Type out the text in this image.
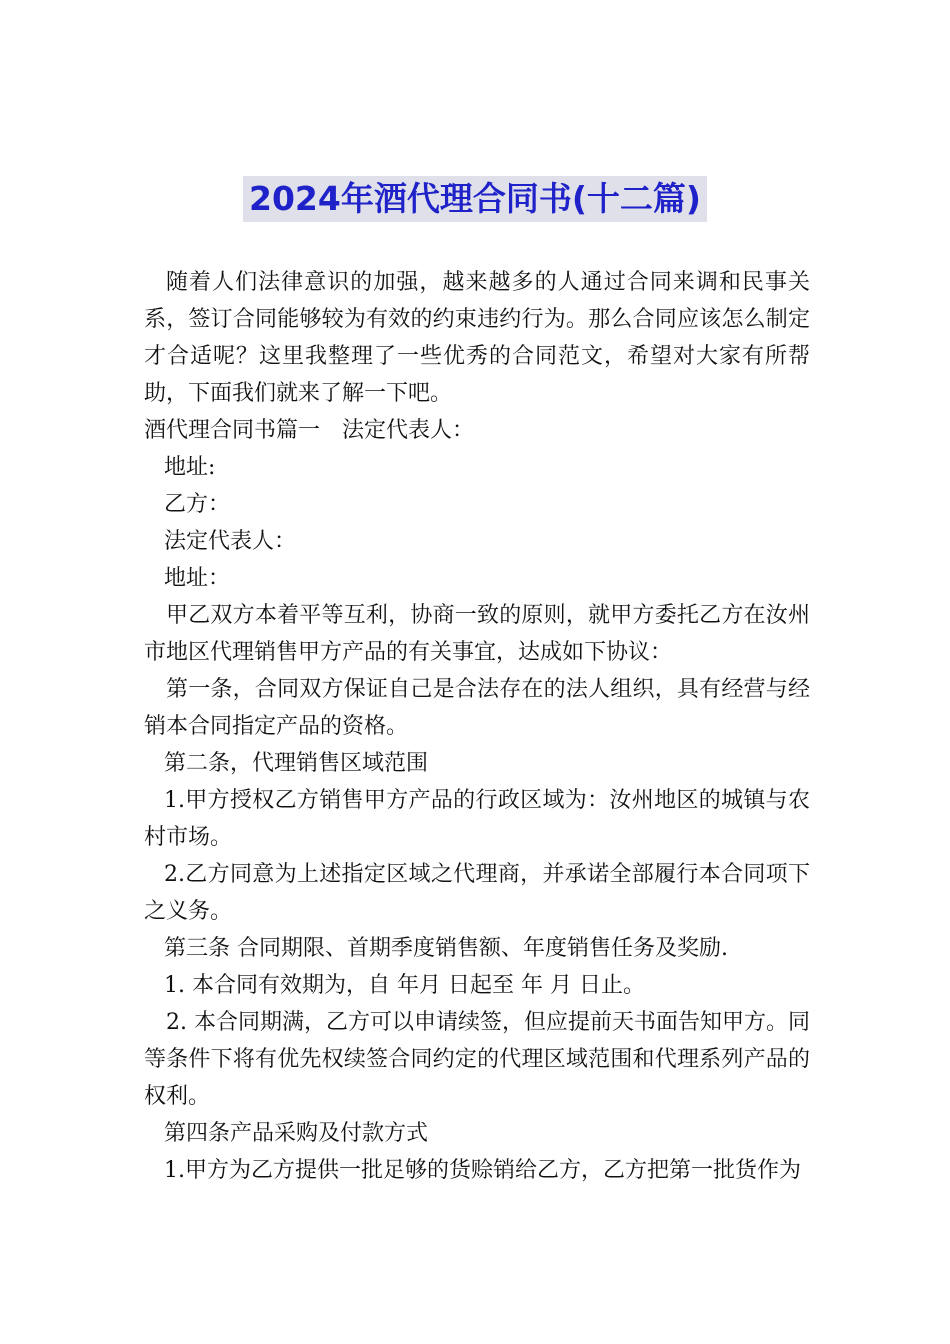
2024年酒代理合同书(十二篇)

随着人们法律意识的加强，越来越多的人通过合同来调和民事关系，签订合同能够较为有效的约束违约行为。那么合同应该怎么制定才合适呢？这里我整理了一些优秀的合同范文，希望对大家有所帮助，下面我们就来了解一下吧。

酒代理合同书篇一　法定代表人：

地址:

乙方：

法定代表人：

地址：

甲乙双方本着平等互利，协商一致的原则，就甲方委托乙方在汝州市地区代理销售甲方产品的有关事宜，达成如下协议：

第一条，合同双方保证自己是合法存在的法人组织，具有经营与经销本合同指定产品的资格。

第二条，代理销售区域范围

1.甲方授权乙方销售甲方产品的行政区域为：汝州地区的城镇与农村市场。

2.乙方同意为上述指定区域之代理商，并承诺全部履行本合同项下之义务。

第三条 合同期限、首期季度销售额、年度销售任务及奖励.

1. 本合同有效期为，自 年月 日起至 年 月 日止。

2. 本合同期满，乙方可以申请续签，但应提前天书面告知甲方。同等条件下将有优先权续签合同约定的代理区域范围和代理系列产品的权利。

第四条产品采购及付款方式

1.甲方为乙方提供一批足够的货赊销给乙方，乙方把第一批货作为
